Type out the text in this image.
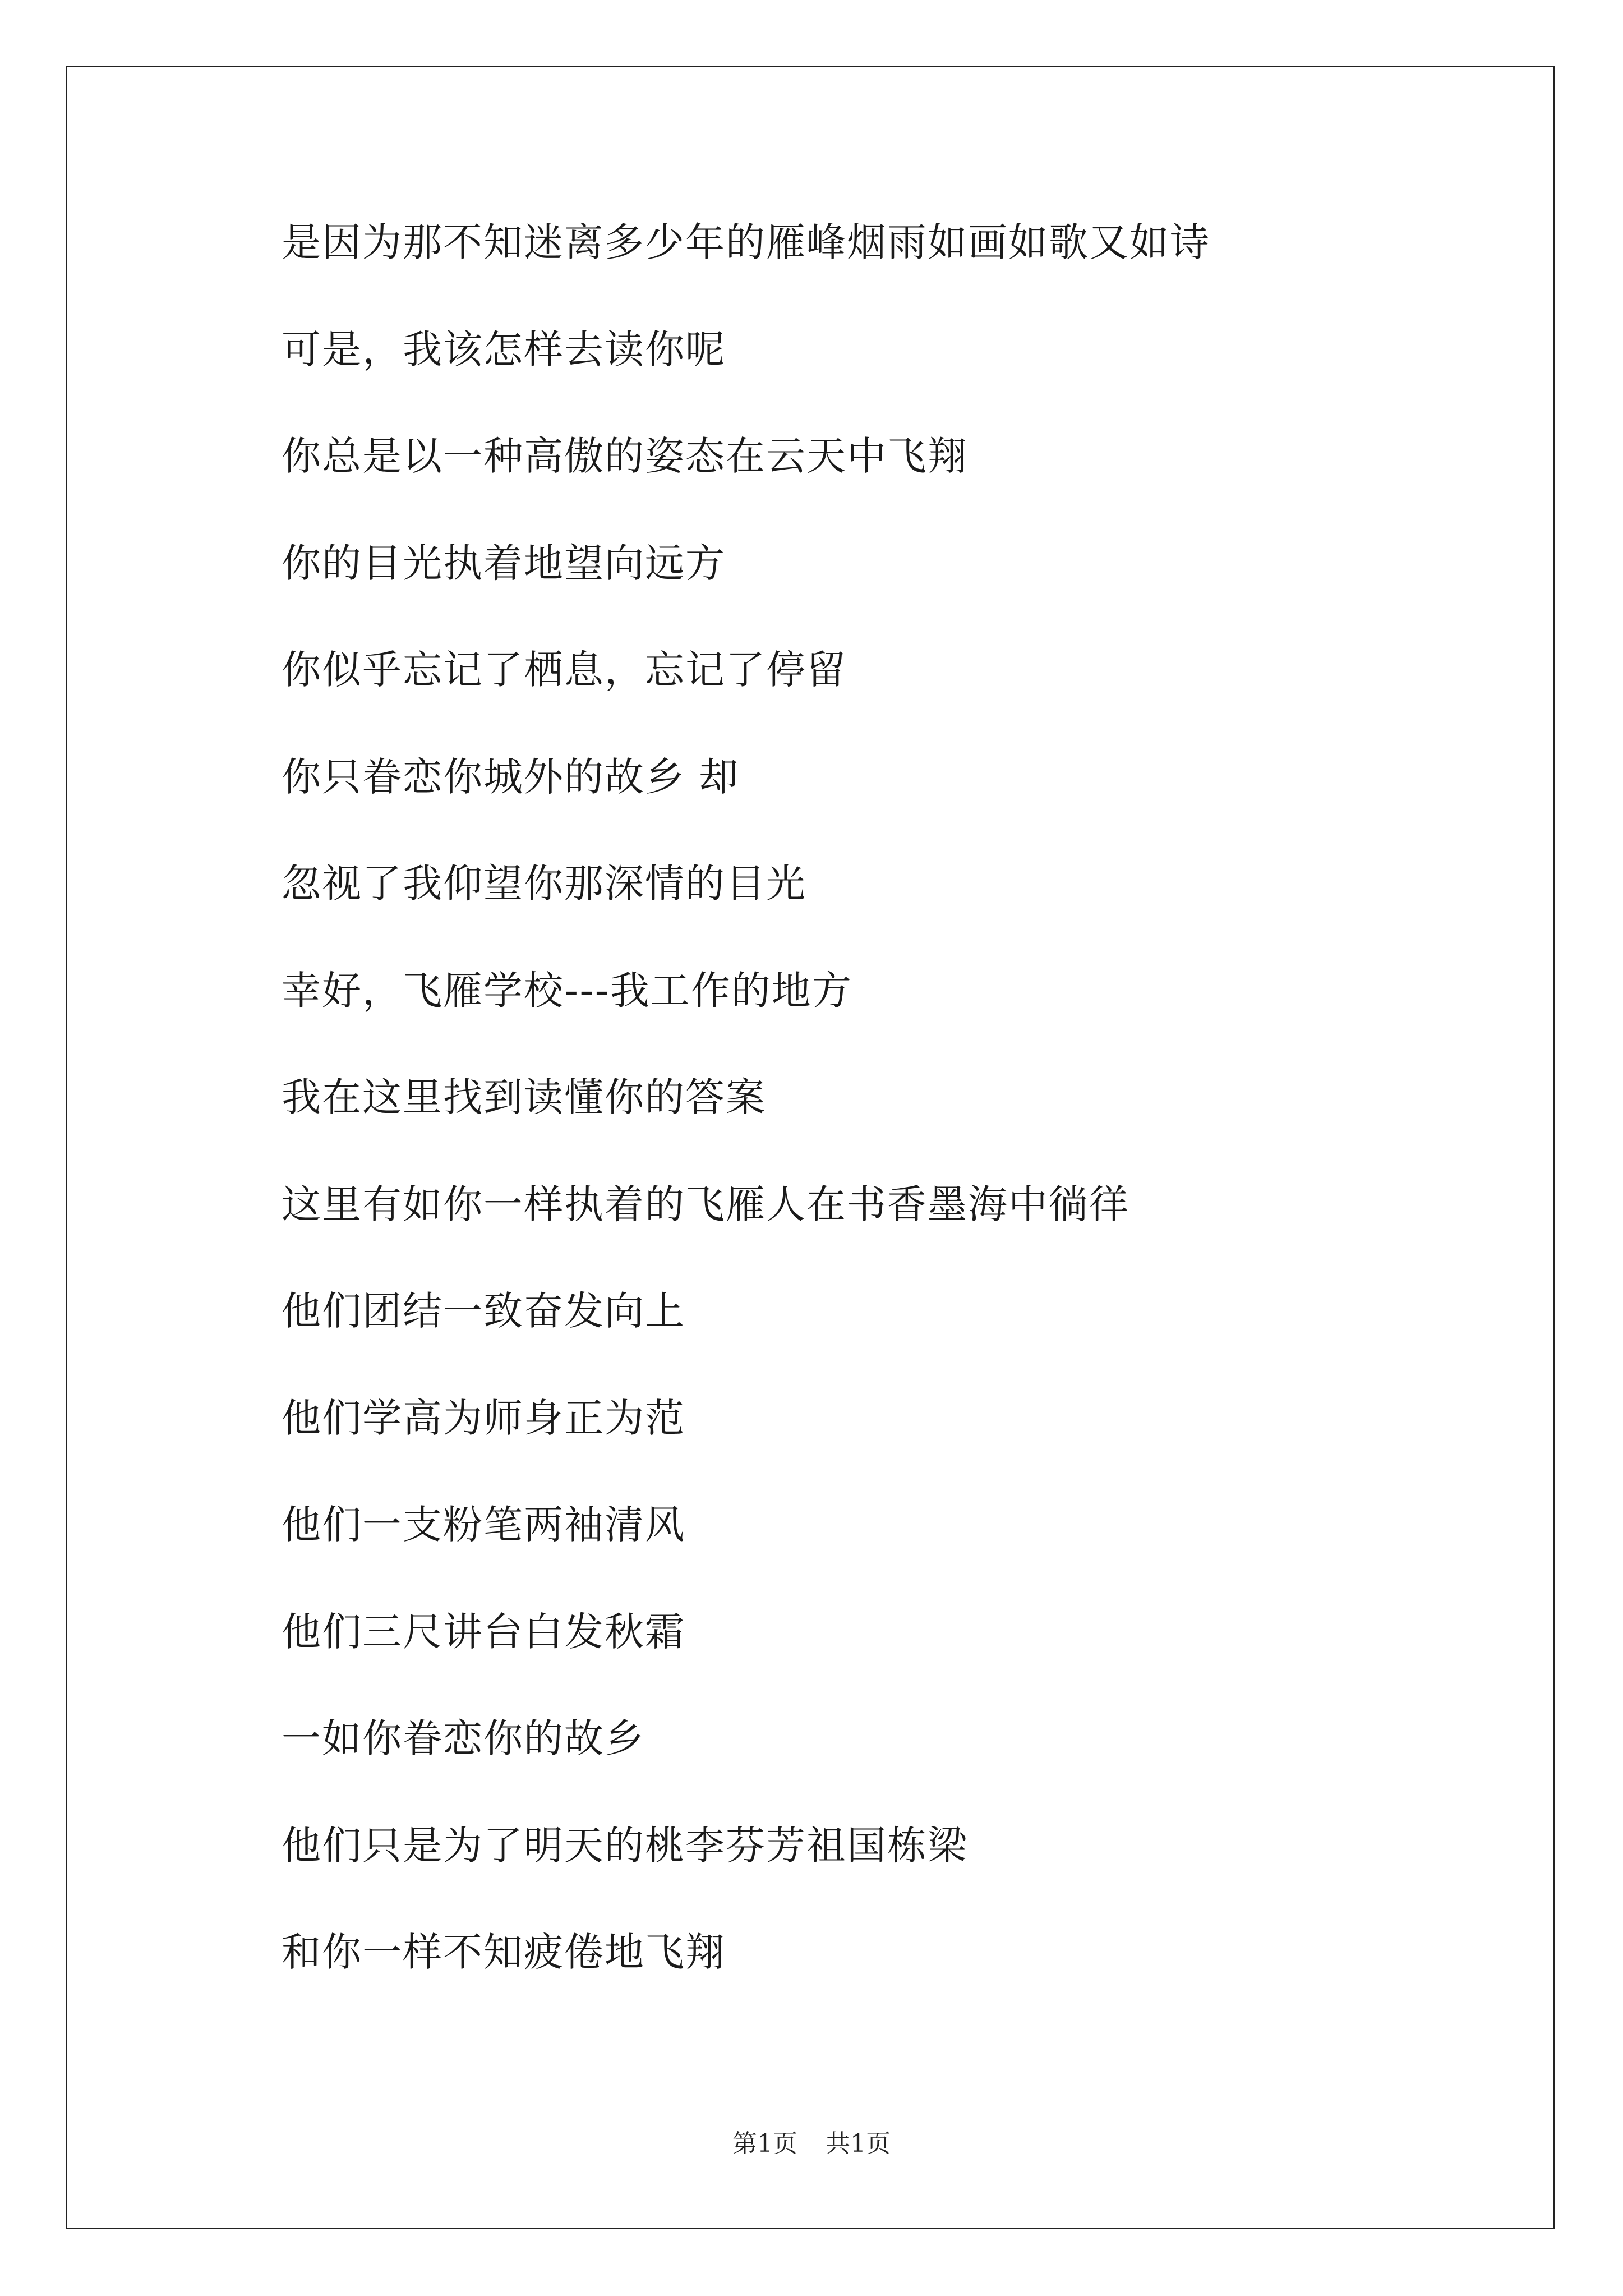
是因为那不知迷离多少年的雁峰烟雨如画如歌又如诗
可是，我该怎样去读你呢
你总是以一种高傲的姿态在云天中飞翔
你的目光执着地望向远方
你似乎忘记了栖息，忘记了停留
你只眷恋你城外的故乡 却
忽视了我仰望你那深情的目光
幸好，飞雁学校---我工作的地方
我在这里找到读懂你的答案
这里有如你一样执着的飞雁人在书香墨海中徜徉
他们团结一致奋发向上
他们学高为师身正为范
他们一支粉笔两袖清风
他们三尺讲台白发秋霜
一如你眷恋你的故乡
他们只是为了明天的桃李芬芳祖国栋梁
和你一样不知疲倦地飞翔
第1页 共1页
